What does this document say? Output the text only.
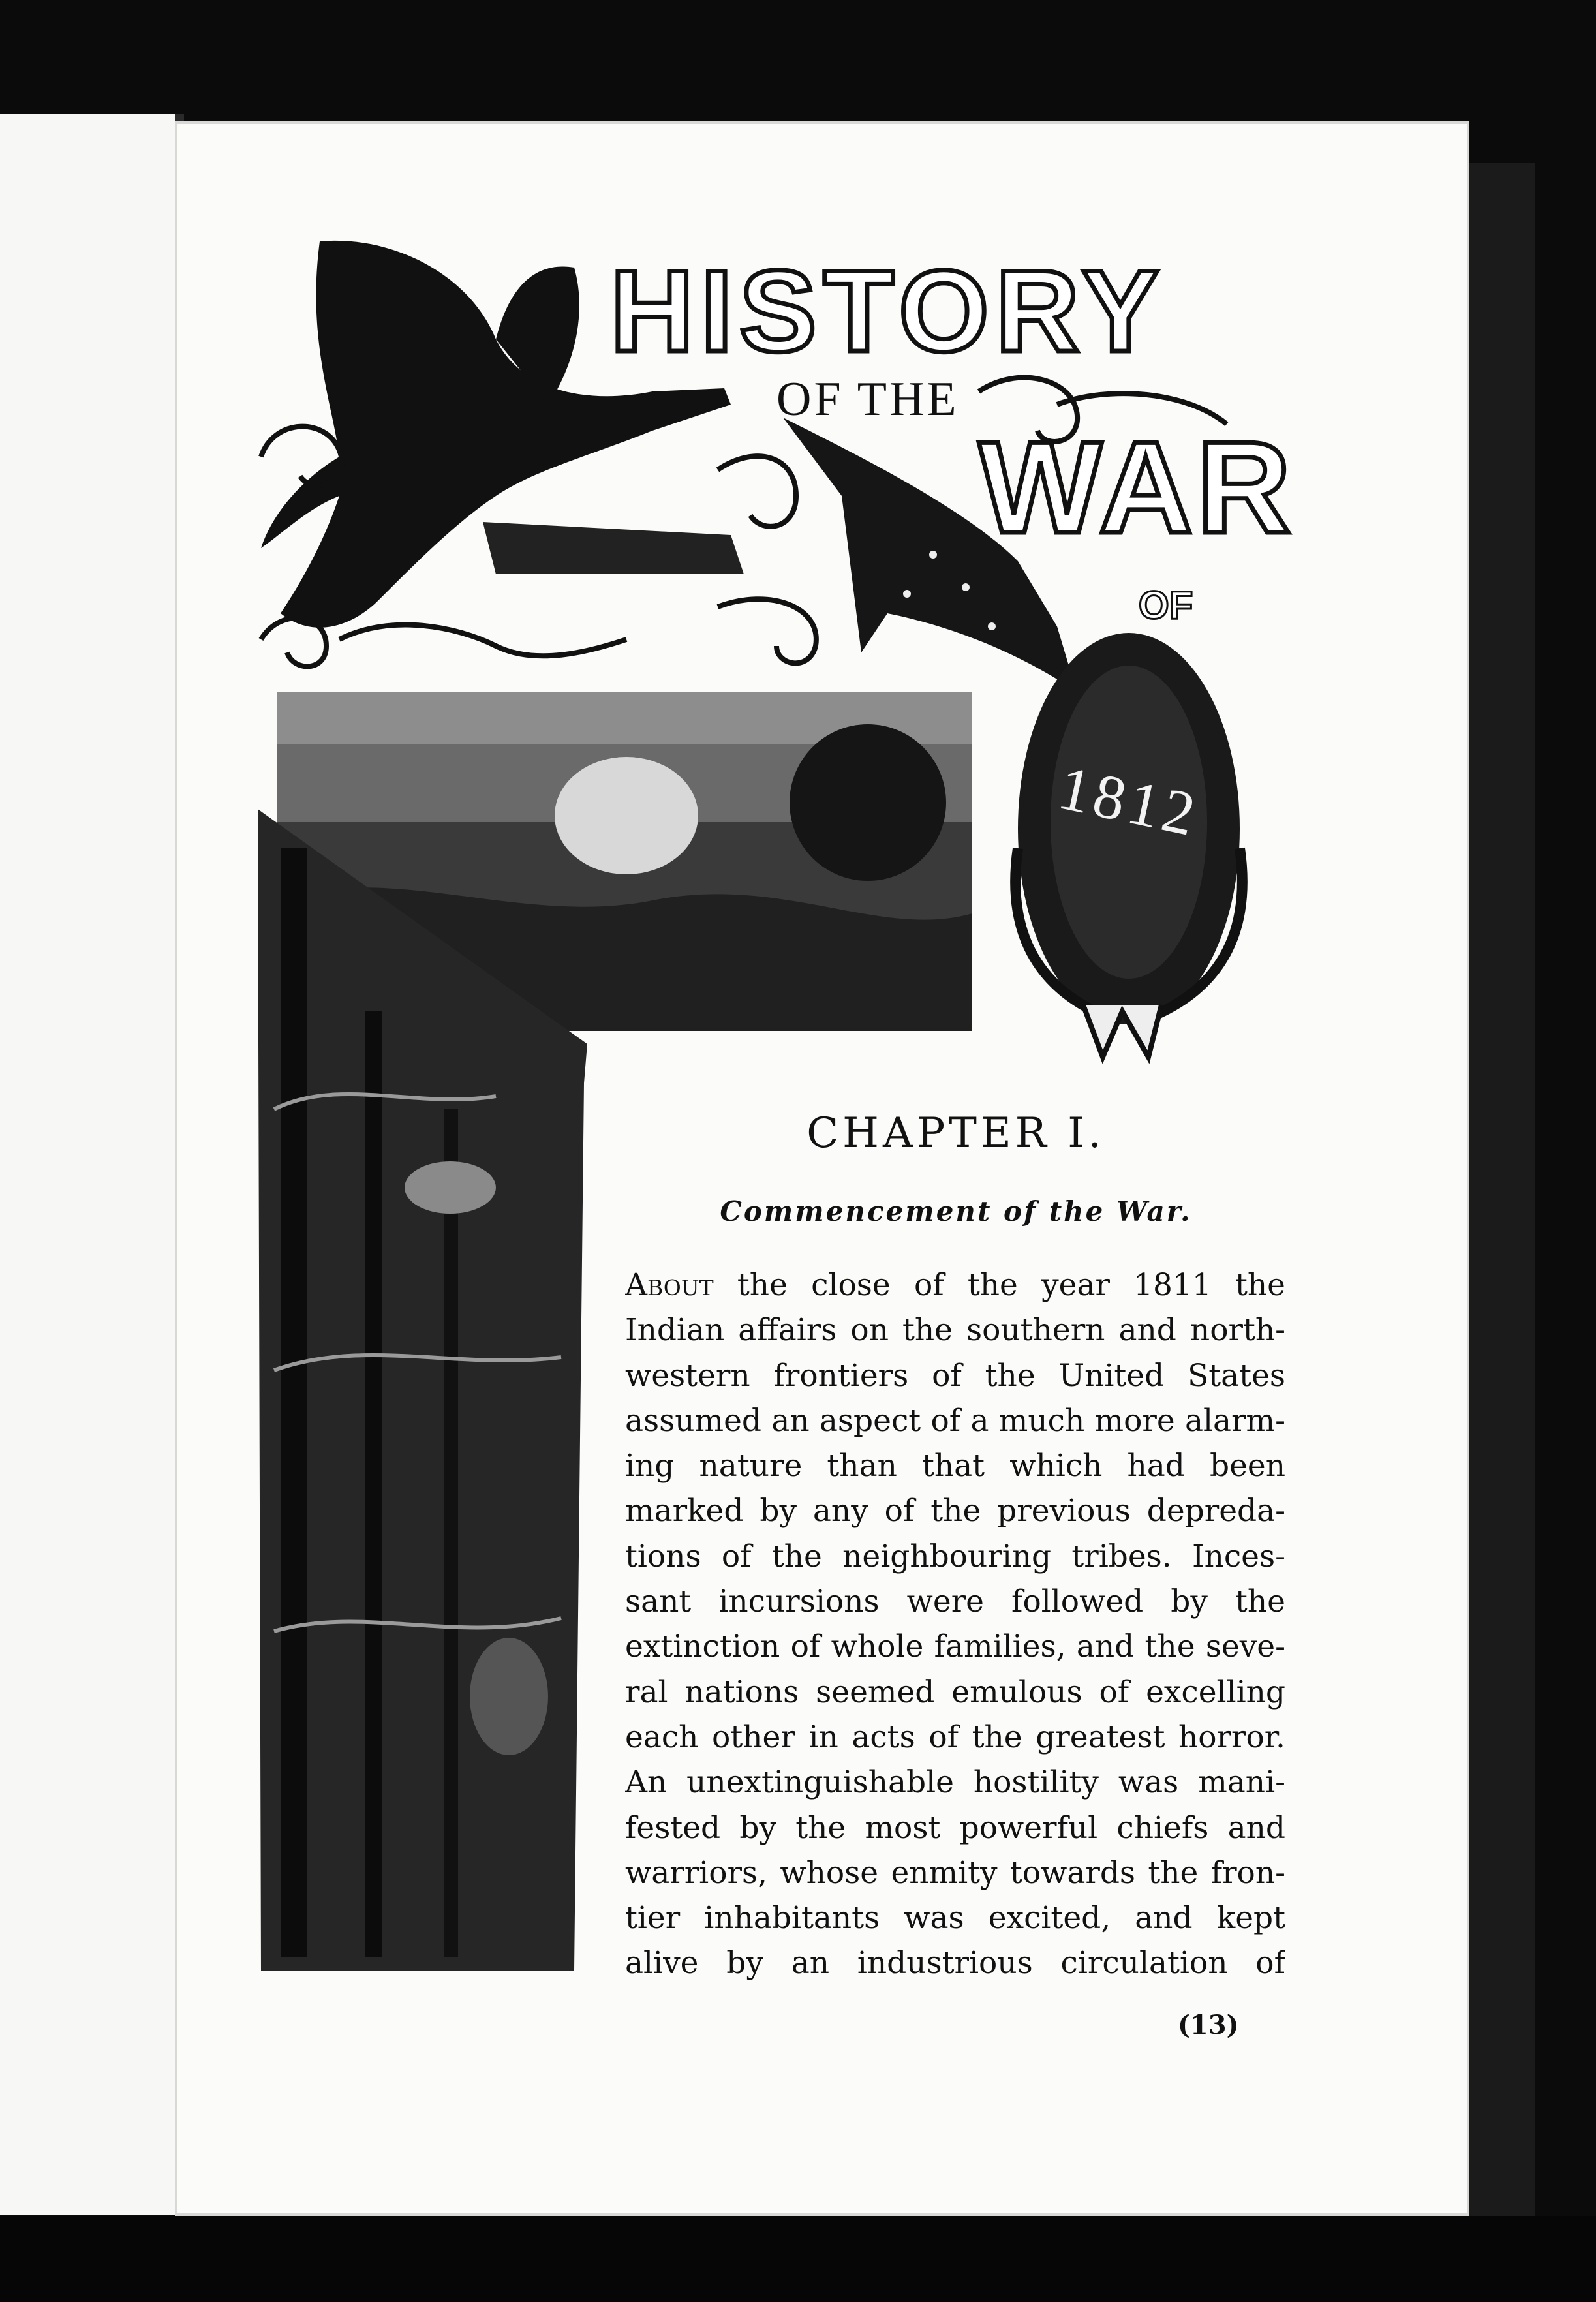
HISTORY
OF THE
WAR
OF
1812
CHAPTER I.
Commencement of the War.
About the close of the year 1811 the
Indian affairs on the southern and north-
western frontiers of the United States
assumed an aspect of a much more alarm-
ing nature than that which had been
marked by any of the previous depreda-
tions of the neighbouring tribes. Inces-
sant incursions were followed by the
extinction of whole families, and the seve-
ral nations seemed emulous of excelling
each other in acts of the greatest horror.
An unextinguishable hostility was mani-
fested by the most powerful chiefs and
warriors, whose enmity towards the fron-
tier inhabitants was excited, and kept
alive by an industrious circulation of
(13)
